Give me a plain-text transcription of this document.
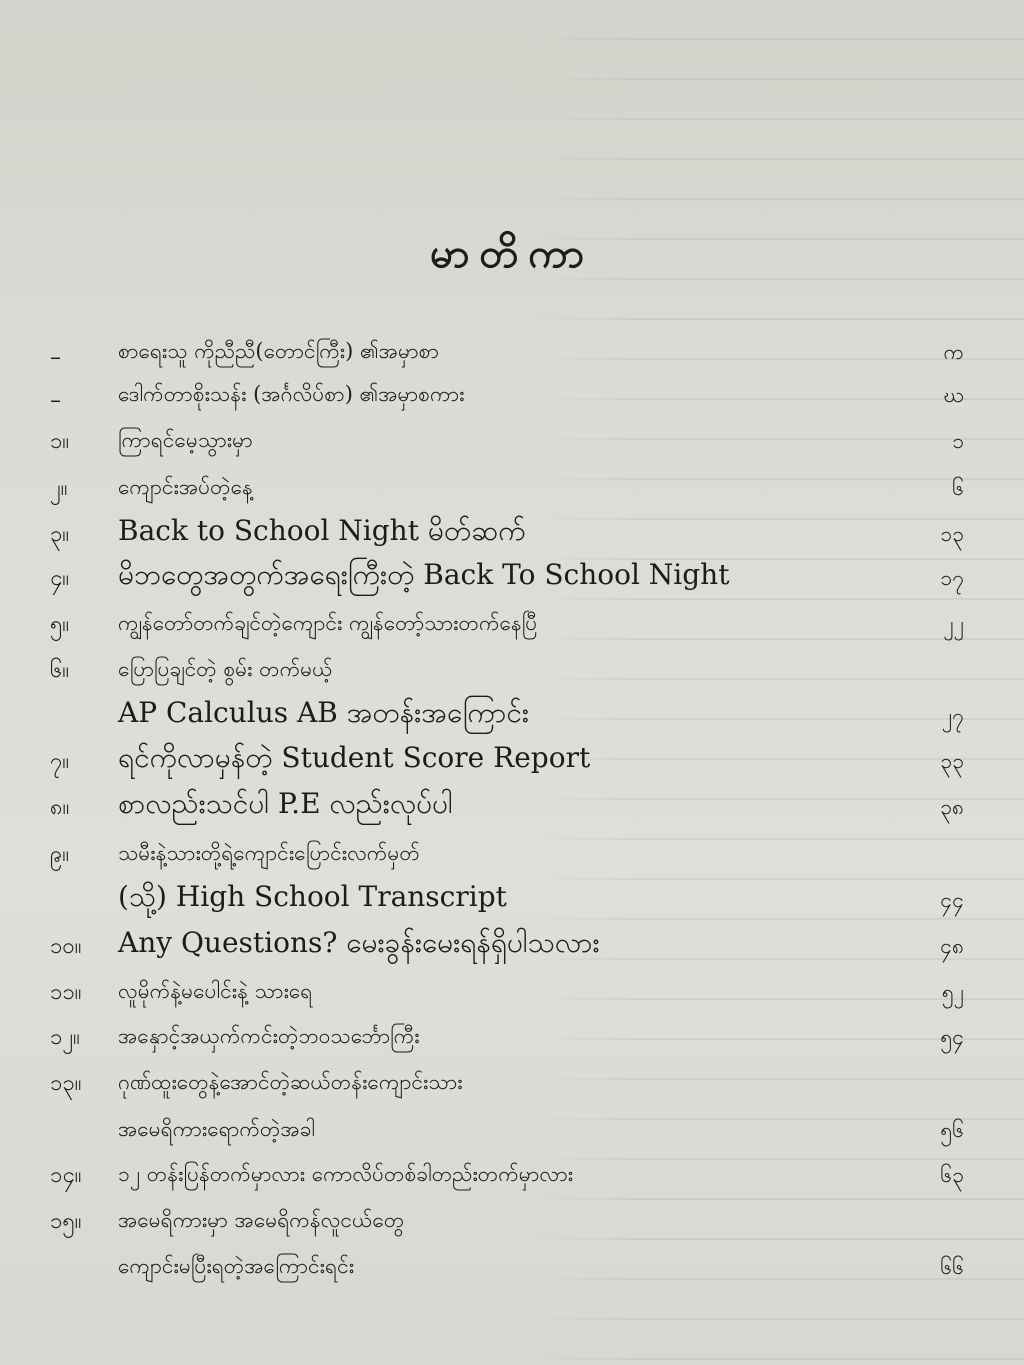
မာတိကာ
–	စာရေးသူ ကိုညီညီ(တောင်ကြီး) ၏အမှာစာ	က
–	ဒေါက်တာစိုးသန်း (အင်္ဂလိပ်စာ) ၏အမှာစကား	ဃ
၁။	ကြာရင်မေ့သွားမှာ	၁
၂။	ကျောင်းအပ်တဲ့နေ့	၆
၃။	Back to School Night မိတ်ဆက်	၁၃
၄။	မိဘတွေအတွက်အရေးကြီးတဲ့ Back To School Night	၁၇
၅။	ကျွန်တော်တက်ချင်တဲ့ကျောင်း ကျွန်တော့်သားတက်နေပြီ	၂၂
၆။	ပြောပြချင်တဲ့ စွမ်း တက်မယ့်
AP Calculus AB အတန်းအကြောင်း	၂၇
၇။	ရင်ကိုလာမှန်တဲ့ Student Score Report	၃၃
၈။	စာလည်းသင်ပါ P.E လည်းလုပ်ပါ	၃၈
၉။	သမီးနဲ့သားတို့ရဲ့ကျောင်းပြောင်းလက်မှတ်
(သို့) High School Transcript	၄၄
၁၀။	Any Questions? မေးခွန်းမေးရန်ရှိပါသလား	၄၈
၁၁။	လူမိုက်နဲ့မပေါင်းနဲ့ သားရေ	၅၂
၁၂။	အနှောင့်အယှက်ကင်းတဲ့ဘဝသင်္ဘောကြီး	၅၄
၁၃။	ဂုဏ်ထူးတွေနဲ့အောင်တဲ့ဆယ်တန်းကျောင်းသား
အမေရိကားရောက်တဲ့အခါ	၅၆
၁၄။	၁၂ တန်းပြန်တက်မှာလား ကောလိပ်တစ်ခါတည်းတက်မှာလား	၆၃
၁၅။	အမေရိကားမှာ အမေရိကန်လူငယ်တွေ
ကျောင်းမပြီးရတဲ့အကြောင်းရင်း	၆၆
